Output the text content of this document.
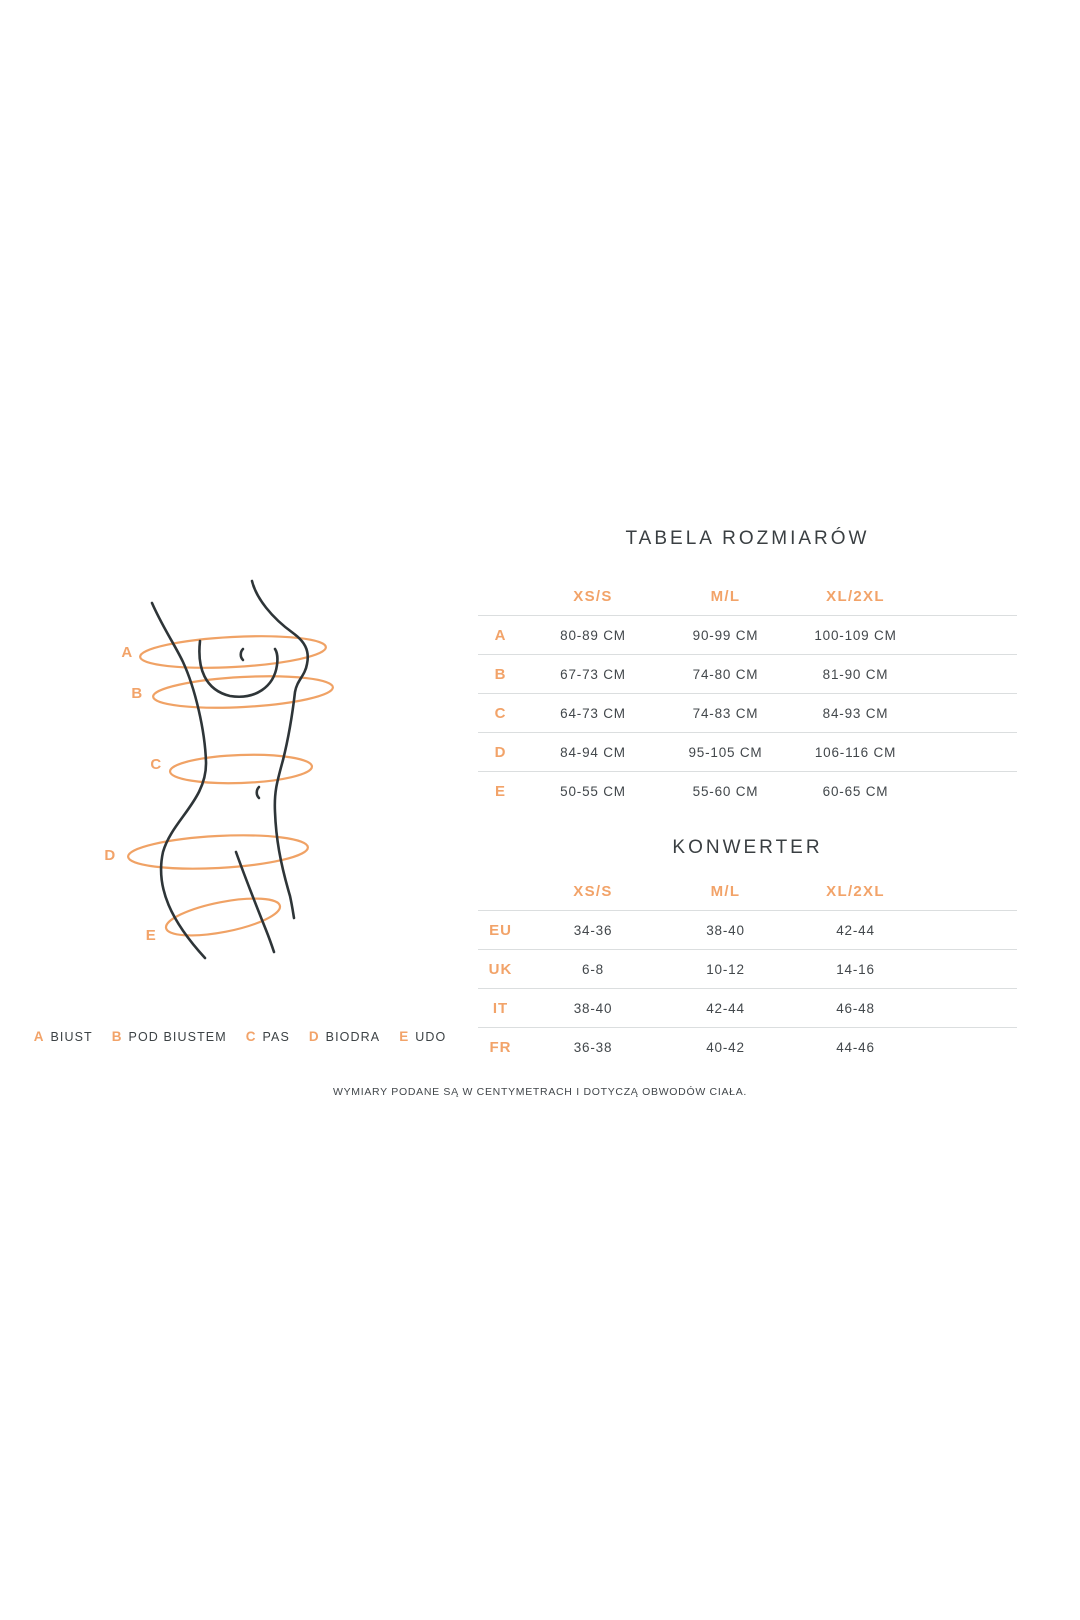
A
B
C
D
E
TABELA ROZMIARÓW
XS/S	M/L	XL/2XL
A	80-89 CM	90-99 CM	100-109 CM
B	67-73 CM	74-80 CM	81-90 CM
C	64-73 CM	74-83 CM	84-93 CM
D	84-94 CM	95-105 CM	106-116 CM
E	50-55 CM	55-60 CM	60-65 CM
KONWERTER
XS/S	M/L	XL/2XL
EU	34-36	38-40	42-44
UK	6-8	10-12	14-16
IT	38-40	42-44	46-48
FR	36-38	40-42	44-46
A BIUST B POD BIUSTEM C PAS D BIODRA E UDO
WYMIARY PODANE SĄ W CENTYMETRACH I DOTYCZĄ OBWODÓW CIAŁA.
